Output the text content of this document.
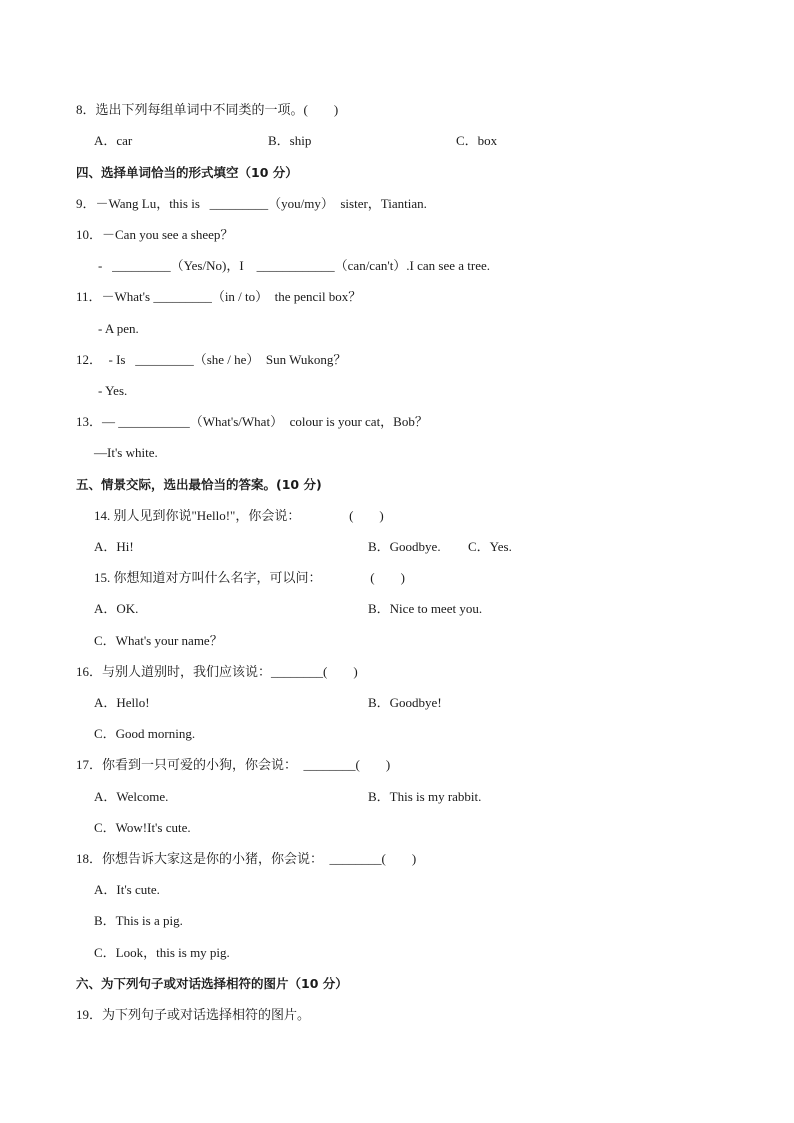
8．选出下列每组单词中不同类的一项。(　　)
A．car	B．ship	C．box
四、选择单词恰当的形式填空（10 分）
9．－Wang Lu，this is   _________（you/my）  sister，Tiantian.
10．－Can you see a sheep？
-   _________（Yes/No)，I    ____________（can/can't）.I can see a tree.
11．－What's _________（in / to）  the pencil box？
- A pen.
12．  - Is   _________（she / he）  Sun Wukong？
- Yes.
13．— ___________（What's/What）  colour is your cat，Bob？
—It's white.
五、情景交际，选出最恰当的答案。(10 分)
14. 别人见到你说"Hello!"，你会说：               (　　)
A．Hi!	B．Goodbye. C．Yes.
15. 你想知道对方叫什么名字，可以问：               (　　)
A．OK.	B．Nice to meet you.
C．What's your name？
16．与别人道别时，我们应该说：________(　　)
A．Hello!	B．Goodbye!
C．Good morning.
17．你看到一只可爱的小狗，你会说：  ________(　　)
A．Welcome.	B．This is my rabbit.
C．Wow!It's cute.
18．你想告诉大家这是你的小猪，你会说：  ________(　　)
A．It's cute.
B．This is a pig.
C．Look，this is my pig.
六、为下列句子或对话选择相符的图片（10 分）
19．为下列句子或对话选择相符的图片。
